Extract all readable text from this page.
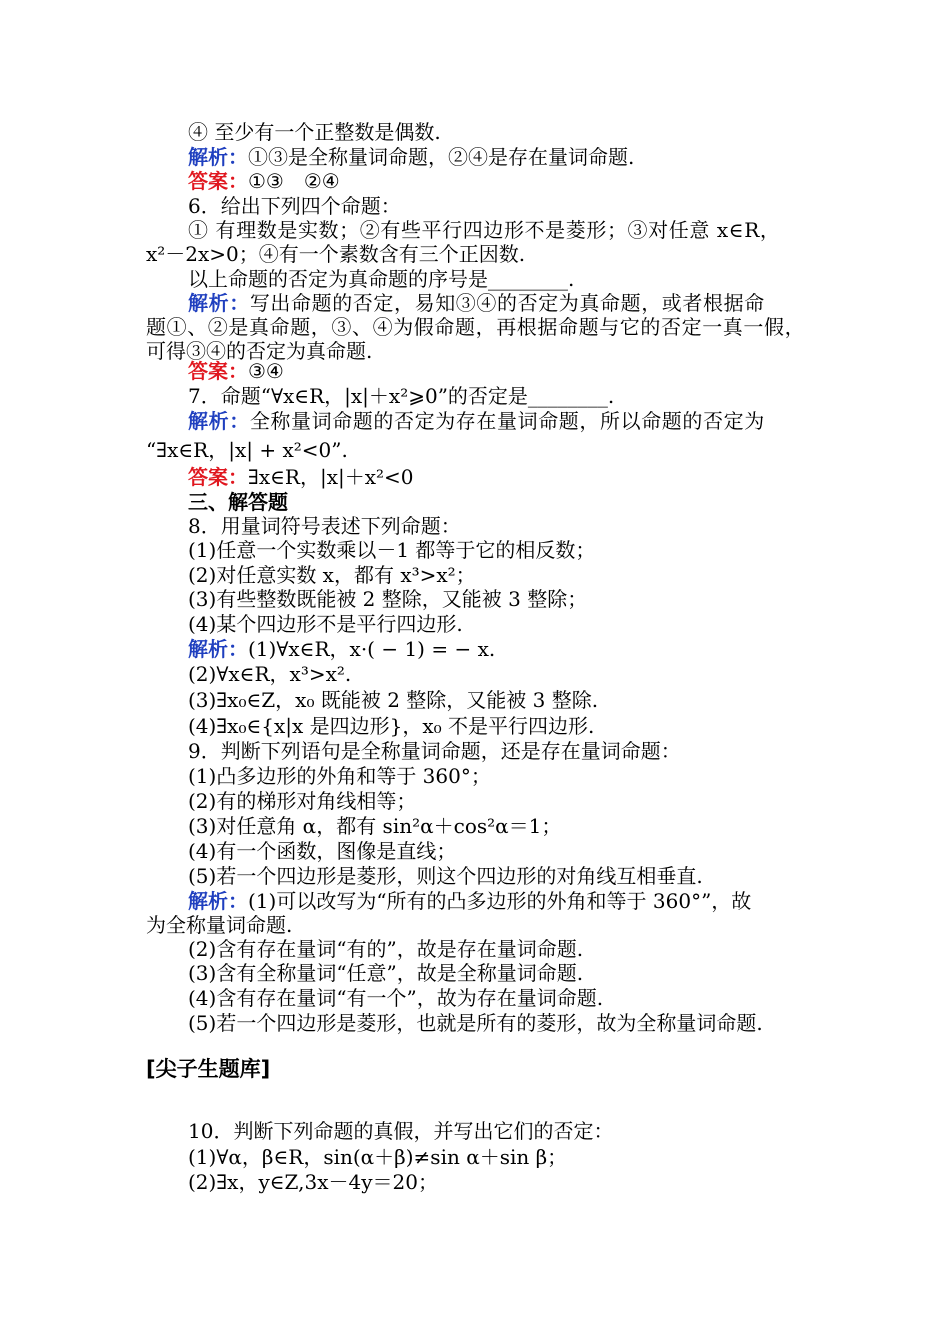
④ 至少有一个正整数是偶数.
解析：①③是全称量词命题，②④是存在量词命题.
答案：①③　②④
6．给出下列四个命题：
① 有理数是实数；②有些平行四边形不是菱形；③对任意 x∈R，
x²－2x>0；④有一个素数含有三个正因数.
以上命题的否定为真命题的序号是________.
解析：写出命题的否定，易知③④的否定为真命题，或者根据命
题①、②是真命题，③、④为假命题，再根据命题与它的否定一真一假，
可得③④的否定为真命题.
答案：③④
7．命题“∀x∈R，|x|＋x²⩾0”的否定是________.
解析：全称量词命题的否定为存在量词命题，所以命题的否定为
“∃x∈R，|x| + x²<0”.
答案：∃x∈R，|x|＋x²<0
三、解答题
8．用量词符号表述下列命题：
(1)任意一个实数乘以－1 都等于它的相反数；
(2)对任意实数 x，都有 x³>x²；
(3)有些整数既能被 2 整除，又能被 3 整除；
(4)某个四边形不是平行四边形.
解析：(1)∀x∈R，x·( − 1) = − x.
(2)∀x∈R，x³>x².
(3)∃x₀∈Z，x₀ 既能被 2 整除，又能被 3 整除.
(4)∃x₀∈{x|x 是四边形}，x₀ 不是平行四边形.
9．判断下列语句是全称量词命题，还是存在量词命题：
(1)凸多边形的外角和等于 360°；
(2)有的梯形对角线相等；
(3)对任意角 α，都有 sin²α＋cos²α＝1；
(4)有一个函数，图像是直线；
(5)若一个四边形是菱形，则这个四边形的对角线互相垂直.
解析：(1)可以改写为“所有的凸多边形的外角和等于 360°”，故
为全称量词命题.
(2)含有存在量词“有的”，故是存在量词命题.
(3)含有全称量词“任意”，故是全称量词命题.
(4)含有存在量词“有一个”，故为存在量词命题.
(5)若一个四边形是菱形，也就是所有的菱形，故为全称量词命题.
[尖子生题库]
10．判断下列命题的真假，并写出它们的否定：
(1)∀α，β∈R，sin(α＋β)≠sin α＋sin β；
(2)∃x，y∈Z,3x－4y＝20；
